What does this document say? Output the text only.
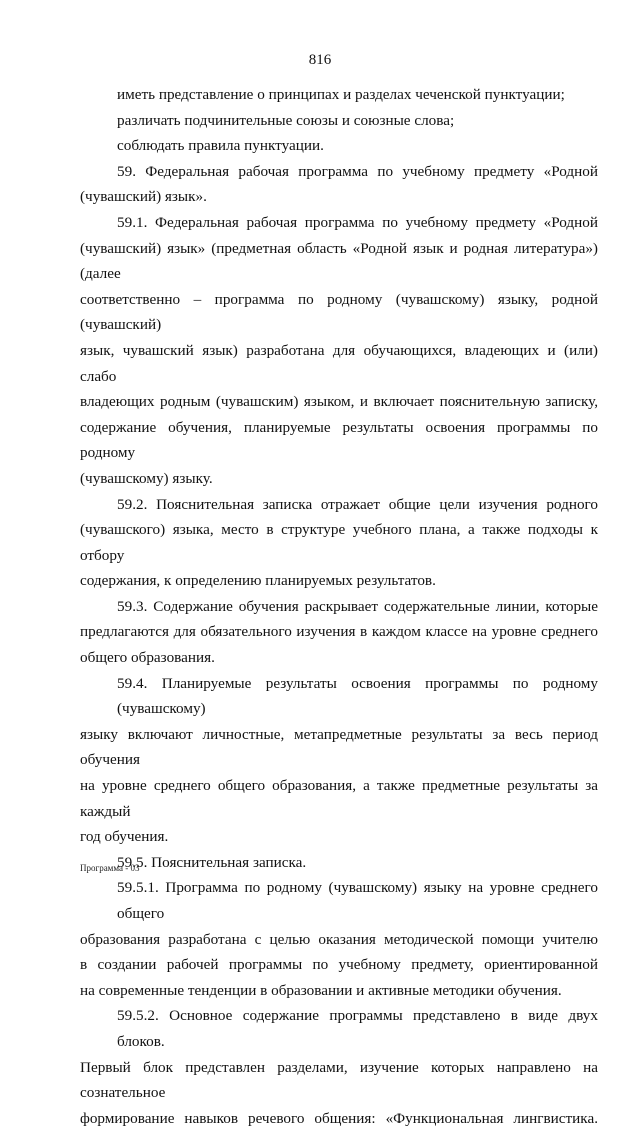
816
иметь представление о принципах и разделах чеченской пунктуации;
различать подчинительные союзы и союзные слова;
соблюдать правила пунктуации.
59. Федеральная рабочая программа по учебному предмету «Родной
(чувашский) язык».
59.1. Федеральная рабочая программа по учебному предмету «Родной
(чувашский) язык» (предметная область «Родной язык и родная литература») (далее
соответственно – программа по родному (чувашскому) языку, родной (чувашский)
язык, чувашский язык) разработана для обучающихся, владеющих и (или) слабо
владеющих родным (чувашским) языком, и включает пояснительную записку,
содержание обучения, планируемые результаты освоения программы по родному
(чувашскому) языку.
59.2. Пояснительная записка отражает общие цели изучения родного
(чувашского) языка, место в структуре учебного плана, а также подходы к отбору
содержания, к определению планируемых результатов.
59.3. Содержание обучения раскрывает содержательные линии, которые
предлагаются для обязательного изучения в каждом классе на уровне среднего
общего образования.
59.4. Планируемые результаты освоения программы по родному (чувашскому)
языку включают личностные, метапредметные результаты за весь период обучения
на уровне среднего общего образования, а также предметные результаты за каждый
год обучения.
59.5. Пояснительная записка.
59.5.1. Программа по родному (чувашскому) языку на уровне среднего общего
образования разработана с целью оказания методической помощи учителю
в создании рабочей программы по учебному предмету, ориентированной
на современные тенденции в образовании и активные методики обучения.
59.5.2. Основное содержание программы представлено в виде двух блоков.
Первый блок представлен разделами, изучение которых направлено на сознательное
формирование навыков речевого общения: «Функциональная лингвистика.
Программа - 03
